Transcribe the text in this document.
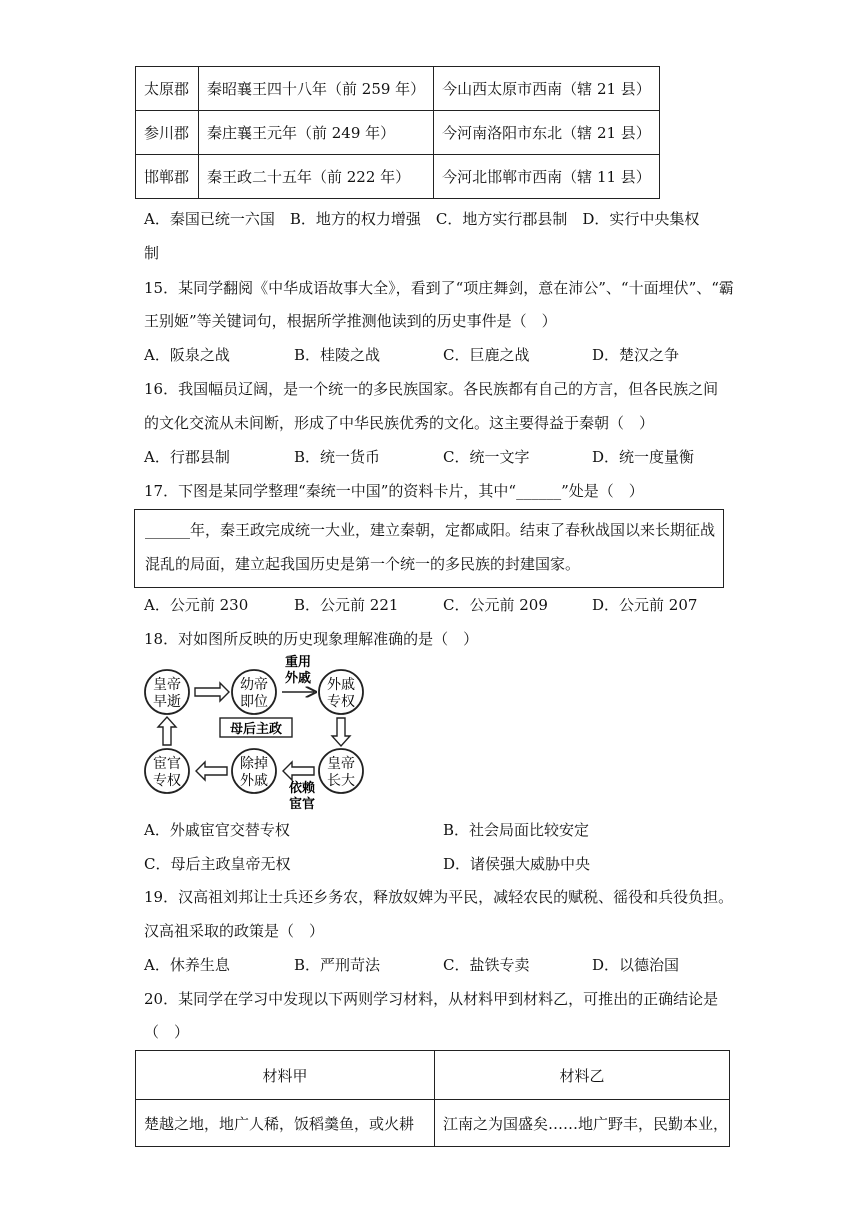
太原郡	秦昭襄王四十八年（前 259 年）	今山西太原市西南（辖 21 县）
参川郡	秦庄襄王元年（前 249 年）	今河南洛阳市东北（辖 21 县）
邯郸郡	秦王政二十五年（前 222 年）	今河北邯郸市西南（辖 11 县）
A．秦国已统一六国　B．地方的权力增强　C．地方实行郡县制　D．实行中央集权
制
15．某同学翻阅《中华成语故事大全》，看到了“项庄舞剑，意在沛公”、“十面埋伏”、“霸
王别姬”等关键词句，根据所学推测他读到的历史事件是（　）
A．阪泉之战	B．桂陵之战	C．巨鹿之战	D．楚汉之争
16．我国幅员辽阔，是一个统一的多民族国家。各民族都有自己的方言，但各民族之间
的文化交流从未间断，形成了中华民族优秀的文化。这主要得益于秦朝（　）
A．行郡县制	B．统一货币	C．统一文字	D．统一度量衡
17．下图是某同学整理“秦统一中国”的资料卡片，其中“______”处是（　）
______年，秦王政完成统一大业，建立秦朝，定都咸阳。结束了春秋战国以来长期征战
混乱的局面，建立起我国历史是第一个统一的多民族的封建国家。
A．公元前 230	B．公元前 221	C．公元前 209	D．公元前 207
18．对如图所反映的历史现象理解准确的是（　）
皇帝
早逝
幼帝
即位
外戚
专权
皇帝
长大
除掉
外戚
宦官
专权
重用
外戚
母后主政
依赖
宦官
A．外戚宦官交替专权	B．社会局面比较安定
C．母后主政皇帝无权	D．诸侯强大威胁中央
19．汉高祖刘邦让士兵还乡务农，释放奴婢为平民，减轻农民的赋税、徭役和兵役负担。
汉高祖采取的政策是（　）
A．休养生息	B．严刑苛法	C．盐铁专卖	D．以德治国
20．某同学在学习中发现以下两则学习材料，从材料甲到材料乙，可推出的正确结论是
（　）
材料甲	材料乙
楚越之地，地广人稀，饭稻羹鱼，或火耕	江南之为国盛矣……地广野丰，民勤本业，
